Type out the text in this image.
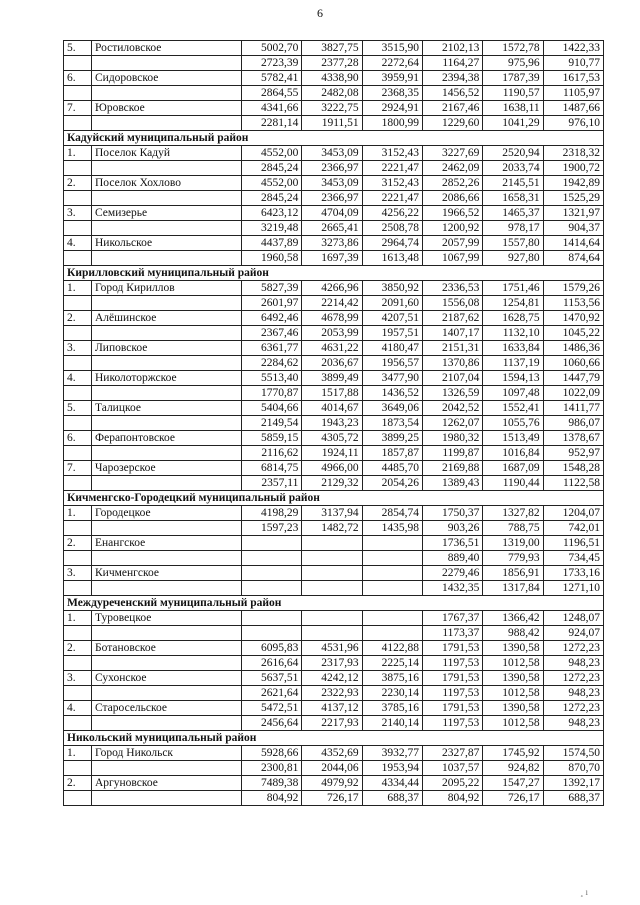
6
5.	Ростиловское	5002,70	3827,75	3515,90	2102,13	1572,78	1422,33
		2723,39	2377,28	2272,64	1164,27	975,96	910,77
6.	Сидоровское	5782,41	4338,90	3959,91	2394,38	1787,39	1617,53
		2864,55	2482,08	2368,35	1456,52	1190,57	1105,97
7.	Юровское	4341,66	3222,75	2924,91	2167,46	1638,11	1487,66
		2281,14	1911,51	1800,99	1229,60	1041,29	976,10
Кадуйский муниципальный район							
1.	Поселок Кадуй	4552,00	3453,09	3152,43	3227,69	2520,94	2318,32
		2845,24	2366,97	2221,47	2462,09	2033,74	1900,72
2.	Поселок Хохлово	4552,00	3453,09	3152,43	2852,26	2145,51	1942,89
		2845,24	2366,97	2221,47	2086,66	1658,31	1525,29
3.	Семизерье	6423,12	4704,09	4256,22	1966,52	1465,37	1321,97
		3219,48	2665,41	2508,78	1200,92	978,17	904,37
4.	Никольское	4437,89	3273,86	2964,74	2057,99	1557,80	1414,64
		1960,58	1697,39	1613,48	1067,99	927,80	874,64
Кирилловский муниципальный район							
1.	Город Кириллов	5827,39	4266,96	3850,92	2336,53	1751,46	1579,26
		2601,97	2214,42	2091,60	1556,08	1254,81	1153,56
2.	Алёшинское	6492,46	4678,99	4207,51	2187,62	1628,75	1470,92
		2367,46	2053,99	1957,51	1407,17	1132,10	1045,22
3.	Липовское	6361,77	4631,22	4180,47	2151,31	1633,84	1486,36
		2284,62	2036,67	1956,57	1370,86	1137,19	1060,66
4.	Николоторжское	5513,40	3899,49	3477,90	2107,04	1594,13	1447,79
		1770,87	1517,88	1436,52	1326,59	1097,48	1022,09
5.	Талицкое	5404,66	4014,67	3649,06	2042,52	1552,41	1411,77
		2149,54	1943,23	1873,54	1262,07	1055,76	986,07
6.	Ферапонтовское	5859,15	4305,72	3899,25	1980,32	1513,49	1378,67
		2116,62	1924,11	1857,87	1199,87	1016,84	952,97
7.	Чарозерское	6814,75	4966,00	4485,70	2169,88	1687,09	1548,28
		2357,11	2129,32	2054,26	1389,43	1190,44	1122,58
Кичменгско-Городецкий муниципальный район							
1.	Городецкое	4198,29	3137,94	2854,74	1750,37	1327,82	1204,07
		1597,23	1482,72	1435,98	903,26	788,75	742,01
2.	Енангское				1736,51	1319,00	1196,51
					889,40	779,93	734,45
3.	Кичменгское				2279,46	1856,91	1733,16
					1432,35	1317,84	1271,10
Междуреченский муниципальный район							
1.	Туровецкое				1767,37	1366,42	1248,07
					1173,37	988,42	924,07
2.	Ботановское	6095,83	4531,96	4122,88	1791,53	1390,58	1272,23
		2616,64	2317,93	2225,14	1197,53	1012,58	948,23
3.	Сухонское	5637,51	4242,12	3875,16	1791,53	1390,58	1272,23
		2621,64	2322,93	2230,14	1197,53	1012,58	948,23
4.	Старосельское	5472,51	4137,12	3785,16	1791,53	1390,58	1272,23
		2456,64	2217,93	2140,14	1197,53	1012,58	948,23
Никольский муниципальный район							
1.	Город Никольск	5928,66	4352,69	3932,77	2327,87	1745,92	1574,50
		2300,81	2044,06	1953,94	1037,57	924,82	870,70
2.	Аргуновское	7489,38	4979,92	4334,44	2095,22	1547,27	1392,17
		804,92	726,17	688,37	804,92	726,17	688,37
¸ ı
